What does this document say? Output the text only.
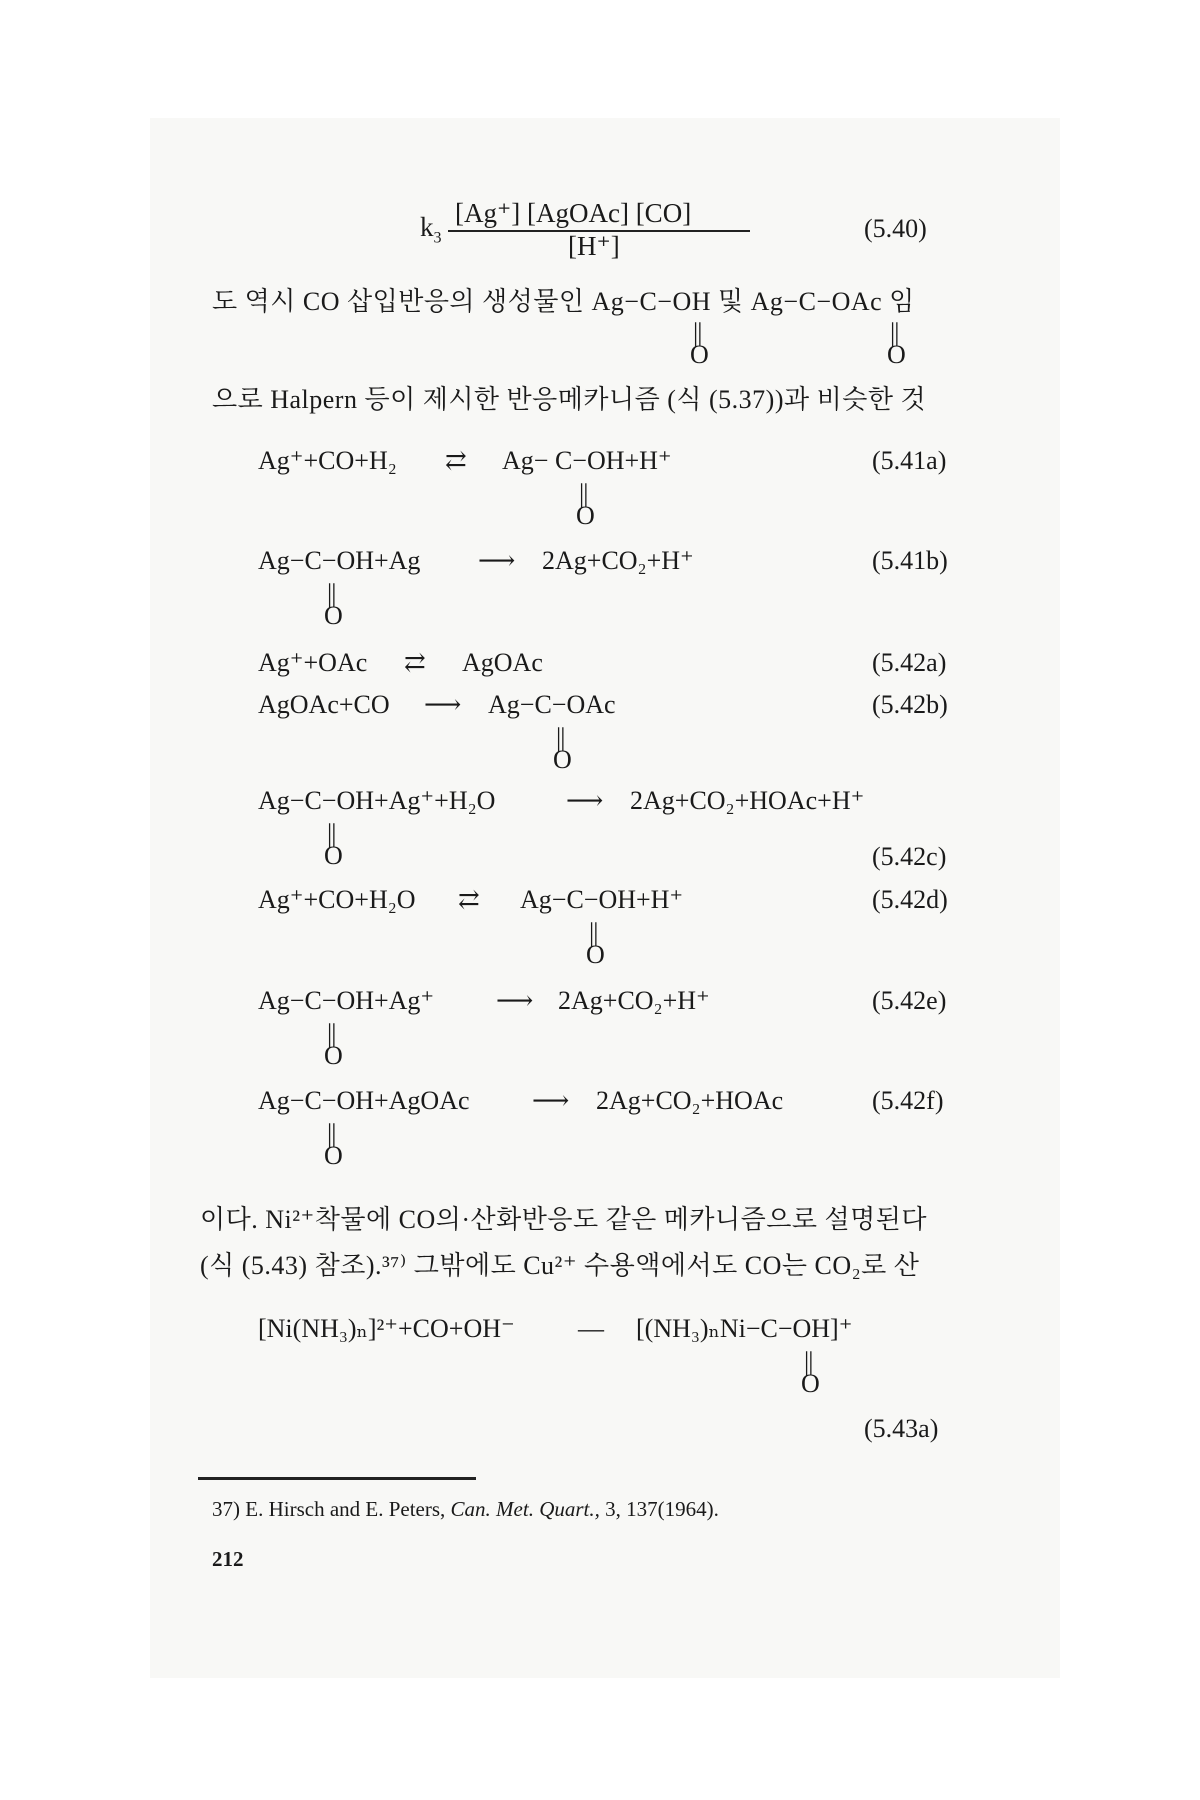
$k_3$
[Ag⁺] [AgOAc] [CO]
[H⁺]
(5.40)
도 역시 CO 삽입반응의 생성물인 Ag−C−OH 및 Ag−C−OAc 임
||
O
||
O
으로 Halpern 등이 제시한 반응메카니즘 (식 (5.37))과 비슷한 것
Ag⁺+CO+H₂ ⇄ Ag− C−OH+H⁺
||
O
(5.41a)
Ag−C−OH+Ag ⟶ 2Ag+CO₂+H⁺
||
O
(5.41b)
Ag⁺+OAc ⇄ AgOAc	(5.42a)
AgOAc+CO ⟶ Ag−C−OAc
||
O
(5.42b)
Ag−C−OH+Ag⁺+H₂O	⟶ 2Ag+CO₂+HOAc+H⁺
||
O	(5.42c)
Ag⁺+CO+H₂O ⇄ Ag−C−OH+H⁺
||
O
(5.42d)
Ag−C−OH+Ag⁺ ⟶ 2Ag+CO₂+H⁺
||
O
(5.42e)
Ag−C−OH+AgOAc ⟶ 2Ag+CO₂+HOAc
||
O
(5.42f)
이다. Ni²⁺착물에 CO의·산화반응도 같은 메카니즘으로 설명된다
(식 (5.43) 참조).³⁷⁾ 그밖에도 Cu²⁺ 수용액에서도 CO는 CO₂로 산
[Ni(NH₃)ₙ]²⁺+CO+OH⁻ — [(NH₃)ₙNi−C−OH]⁺
||
O
(5.43a)
37) E. Hirsch and E. Peters, Can. Met. Quart., 3, 137(1964).
212
